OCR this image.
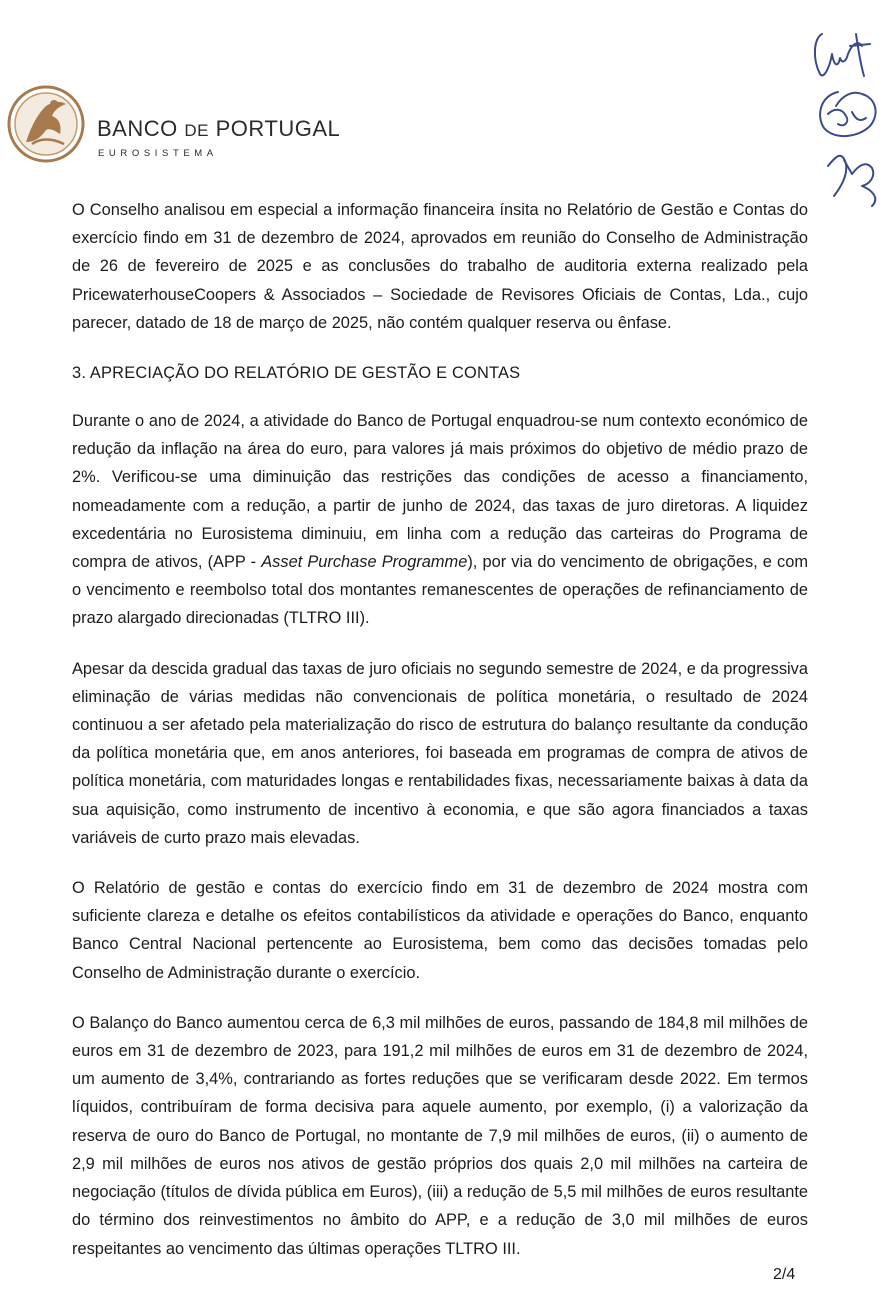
BANCO DE PORTUGAL
EUROSISTEMA

O Conselho analisou em especial a informação financeira ínsita no Relatório de Gestão e Contas do exercício findo em 31 de dezembro de 2024, aprovados em reunião do Conselho de Administração de 26 de fevereiro de 2025 e as conclusões do trabalho de auditoria externa realizado pela PricewaterhouseCoopers & Associados – Sociedade de Revisores Oficiais de Contas, Lda., cujo parecer, datado de 18 de março de 2025, não contém qualquer reserva ou ênfase.

3. APRECIAÇÃO DO RELATÓRIO DE GESTÃO E CONTAS

Durante o ano de 2024, a atividade do Banco de Portugal enquadrou-se num contexto económico de redução da inflação na área do euro, para valores já mais próximos do objetivo de médio prazo de 2%. Verificou-se uma diminuição das restrições das condições de acesso a financiamento, nomeadamente com a redução, a partir de junho de 2024, das taxas de juro diretoras. A liquidez excedentária no Eurosistema diminuiu, em linha com a redução das carteiras do Programa de compra de ativos, (APP - Asset Purchase Programme), por via do vencimento de obrigações, e com o vencimento e reembolso total dos montantes remanescentes de operações de refinanciamento de prazo alargado direcionadas (TLTRO III).

Apesar da descida gradual das taxas de juro oficiais no segundo semestre de 2024, e da progressiva eliminação de várias medidas não convencionais de política monetária, o resultado de 2024 continuou a ser afetado pela materialização do risco de estrutura do balanço resultante da condução da política monetária que, em anos anteriores, foi baseada em programas de compra de ativos de política monetária, com maturidades longas e rentabilidades fixas, necessariamente baixas à data da sua aquisição, como instrumento de incentivo à economia, e que são agora financiados a taxas variáveis de curto prazo mais elevadas.

O Relatório de gestão e contas do exercício findo em 31 de dezembro de 2024 mostra com suficiente clareza e detalhe os efeitos contabilísticos da atividade e operações do Banco, enquanto Banco Central Nacional pertencente ao Eurosistema, bem como das decisões tomadas pelo Conselho de Administração durante o exercício.

O Balanço do Banco aumentou cerca de 6,3 mil milhões de euros, passando de 184,8 mil milhões de euros em 31 de dezembro de 2023, para 191,2 mil milhões de euros em 31 de dezembro de 2024, um aumento de 3,4%, contrariando as fortes reduções que se verificaram desde 2022. Em termos líquidos, contribuíram de forma decisiva para aquele aumento, por exemplo, (i) a valorização da reserva de ouro do Banco de Portugal, no montante de 7,9 mil milhões de euros, (ii) o aumento de 2,9 mil milhões de euros nos ativos de gestão próprios dos quais 2,0 mil milhões na carteira de negociação (títulos de dívida pública em Euros), (iii) a redução de 5,5 mil milhões de euros resultante do término dos reinvestimentos no âmbito do APP, e a redução de 3,0 mil milhões de euros respeitantes ao vencimento das últimas operações TLTRO III.

2/4
